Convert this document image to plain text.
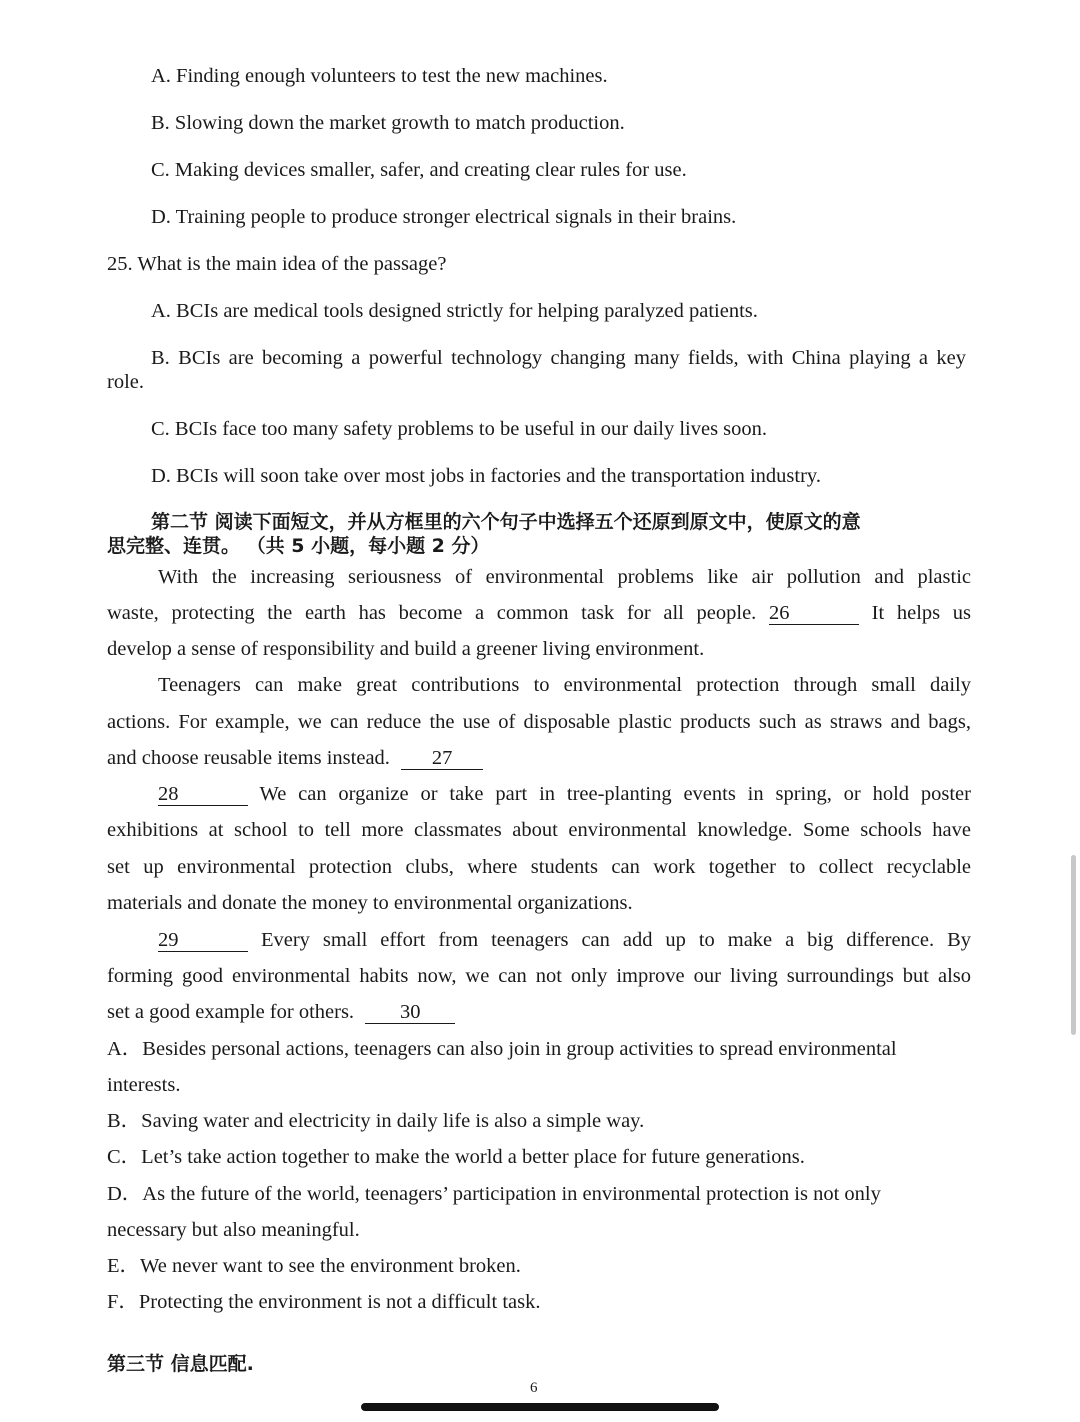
A. Finding enough volunteers to test the new machines.
B. Slowing down the market growth to match production.
C. Making devices smaller, safer, and creating clear rules for use.
D. Training people to produce stronger electrical signals in their brains.
25. What is the main idea of the passage?
A. BCIs are medical tools designed strictly for helping paralyzed patients.
B. BCIs are becoming a powerful technology changing many fields, with China playing a key
role.
C. BCIs face too many safety problems to be useful in our daily lives soon.
D. BCIs will soon take over most jobs in factories and the transportation industry.
第二节 阅读下面短文，并从方框里的六个句子中选择五个还原到原文中，使原文的意
思完整、连贯。 （共 5 小题，每小题 2 分）
With the increasing seriousness of environmental problems like air pollution and plastic
waste, protecting the earth has become a common task for all people. 26	It helps us
develop a sense of responsibility and build a greener living environment.
Teenagers can make great contributions to environmental protection through small daily
actions. For example, we can reduce the use of disposable plastic products such as straws and bags,
and choose reusable items instead. 27
28	We can organize or take part in tree-planting events in spring, or hold poster
exhibitions at school to tell more classmates about environmental knowledge. Some schools have
set up environmental protection clubs, where students can work together to collect recyclable
materials and donate the money to environmental organizations.
29	Every small effort from teenagers can add up to make a big difference. By
forming good environmental habits now, we can not only improve our living surroundings but also
set a good example for others. 30
A．Besides personal actions, teenagers can also join in group activities to spread environmental
interests.
B．Saving water and electricity in daily life is also a simple way.
C．Let’s take action together to make the world a better place for future generations.
D．As the future of the world, teenagers’ participation in environmental protection is not only
necessary but also meaningful.
E．We never want to see the environment broken.
F．Protecting the environment is not a difficult task.
第三节 信息匹配.
6
